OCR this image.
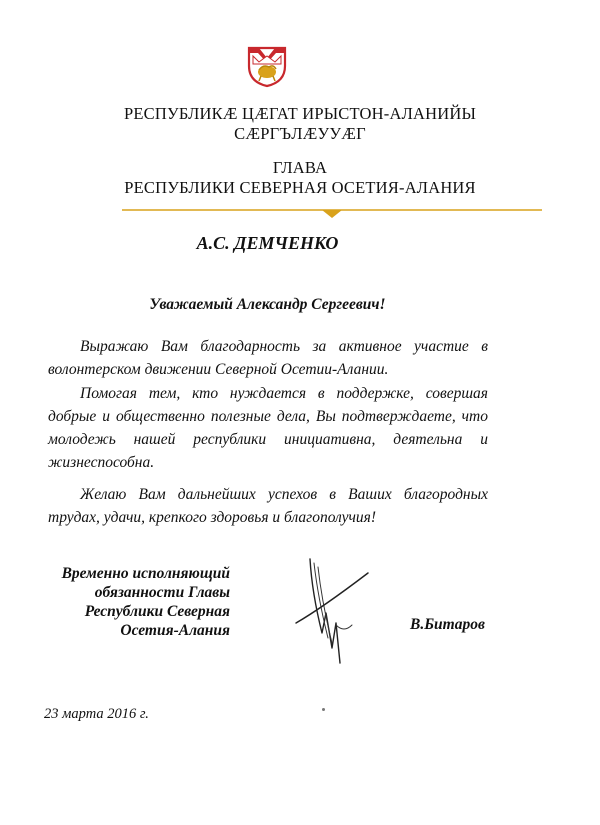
РЕСПУБЛИКӔ ЦӔГАТ ИРЫСТОН-АЛАНИЙЫ
СÆРГЪЛÆУУÆГ
ГЛАВА
РЕСПУБЛИКИ СЕВЕРНАЯ ОСЕТИЯ-АЛАНИЯ
А.С. ДЕМЧЕНКО
Уважаемый Александр Сергеевич!
Выражаю Вам благодарность за активное участие в волонтерском движении Северной Осетии-Алании.
Помогая тем, кто нуждается в поддержке, совершая добрые и общественно полезные дела, Вы подтверждаете, что молодежь нашей республики инициативна, деятельна и жизнеспособна.
Желаю Вам дальнейших успехов в Ваших благородных трудах, удачи, крепкого здоровья и благополучия!
Временно исполняющий
обязанности Главы
Республики Северная
Осетия-Алания	В.Битаров
23 марта 2016 г.
